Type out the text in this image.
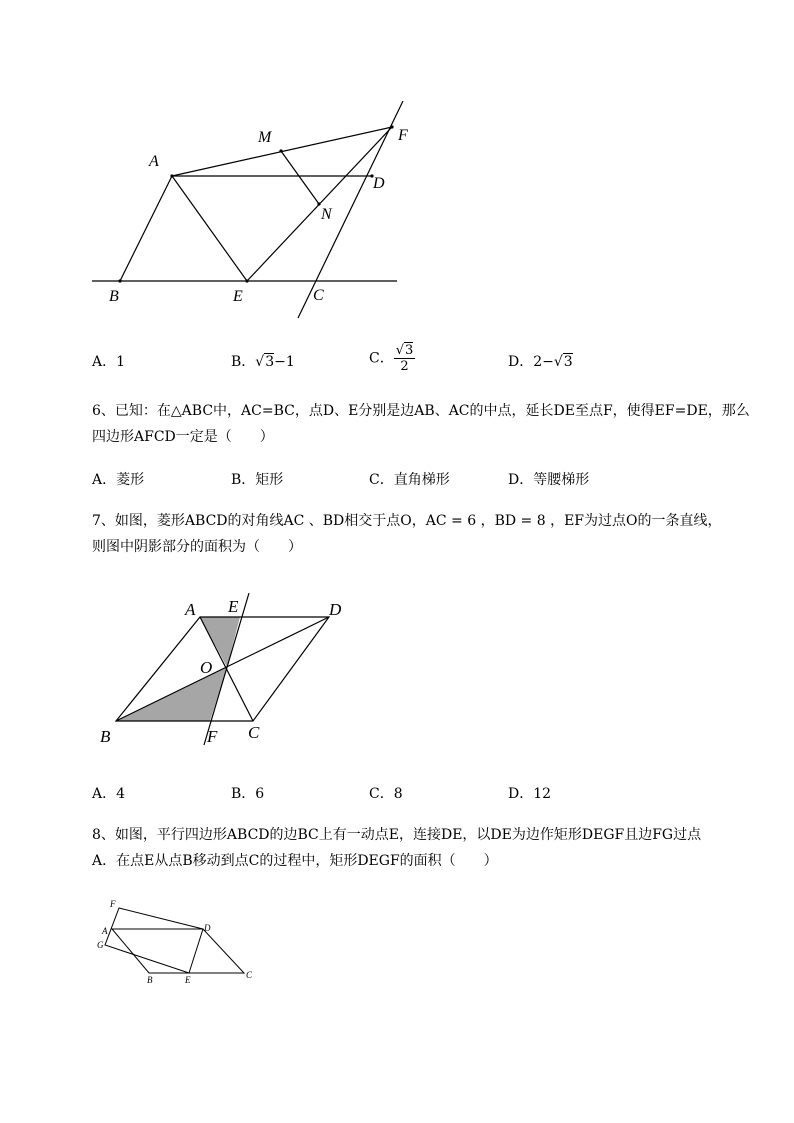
A
M	F
D
N
B	E	C
A．1	B．√3−1	C． $\frac{√3}{2}$	D．2−√3
6、已知：在△ABC中，AC=BC，点D、E分别是边AB、AC的中点，延长DE至点F，使得EF=DE，那么
四边形AFCD一定是（　　）
A．菱形	B．矩形	C．直角梯形	D．等腰梯形
7、如图，菱形ABCD的对角线AC 、BD相交于点O，AC = 6 ，BD = 8 ，EF为过点O的一条直线，
则图中阴影部分的面积为（　　）
A E	D
O
B	F C
A．4	B．6	C．8	D．12
8、如图，平行四边形ABCD的边BC上有一动点E，连接DE，以DE为边作矩形DEGF且边FG过点
A．在点E从点B移动到点C的过程中，矩形DEGF的面积（　　）
F
A	D
G
B	E	C
